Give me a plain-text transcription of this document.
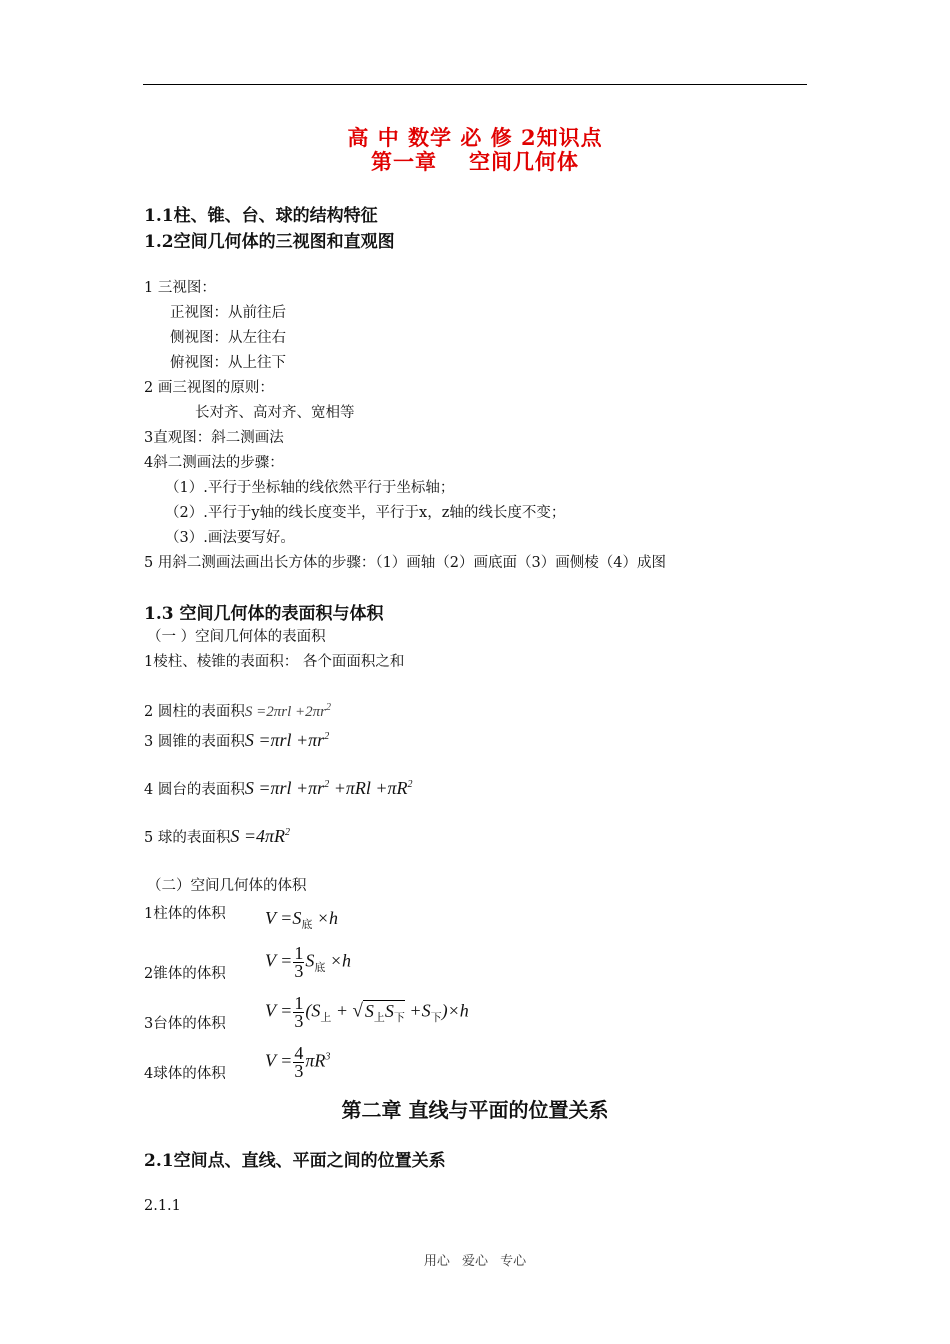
高 中 数学 必 修 2知识点
第一章 空间几何体
1.1柱、锥、台、球的结构特征
1.2空间几何体的三视图和直观图
1 三视图：
正视图：从前往后
侧视图：从左往右
俯视图：从上往下
2 画三视图的原则：
长对齐、高对齐、宽相等
3直观图：斜二测画法
4斜二测画法的步骤：
（1）.平行于坐标轴的线依然平行于坐标轴；
（2）.平行于y轴的线长度变半，平行于x，z轴的线长度不变；
（3）.画法要写好。
5 用斜二测画法画出长方体的步骤：（1）画轴（2）画底面（3）画侧棱（4）成图
1.3 空间几何体的表面积与体积
（一 ）空间几何体的表面积
1棱柱、棱锥的表面积： 各个面面积之和
2 圆柱的表面积$S =2\pi rl +2\pi r^2$
3 圆锥的表面积$S =\pi rl +\pi r^2$
4 圆台的表面积$S =\pi rl +\pi r^2 +\pi Rl +\pi R^2$
5 球的表面积$S =4\pi R^2$
（二）空间几何体的体积
1柱体的体积 $V =S_底 \times h$
2锥体的体积
$V = \frac{1}{3} S_底 \times h$
3台体的体积
$V = \frac{1}{3} (S_上$ + √ $S_上S_下 +S_下)\times h$
4球体的体积
$V = \frac{4}{3} \pi R^3$
第二章 直线与平面的位置关系
2.1空间点、直线、平面之间的位置关系
2.1.1
用心 爱心 专心
